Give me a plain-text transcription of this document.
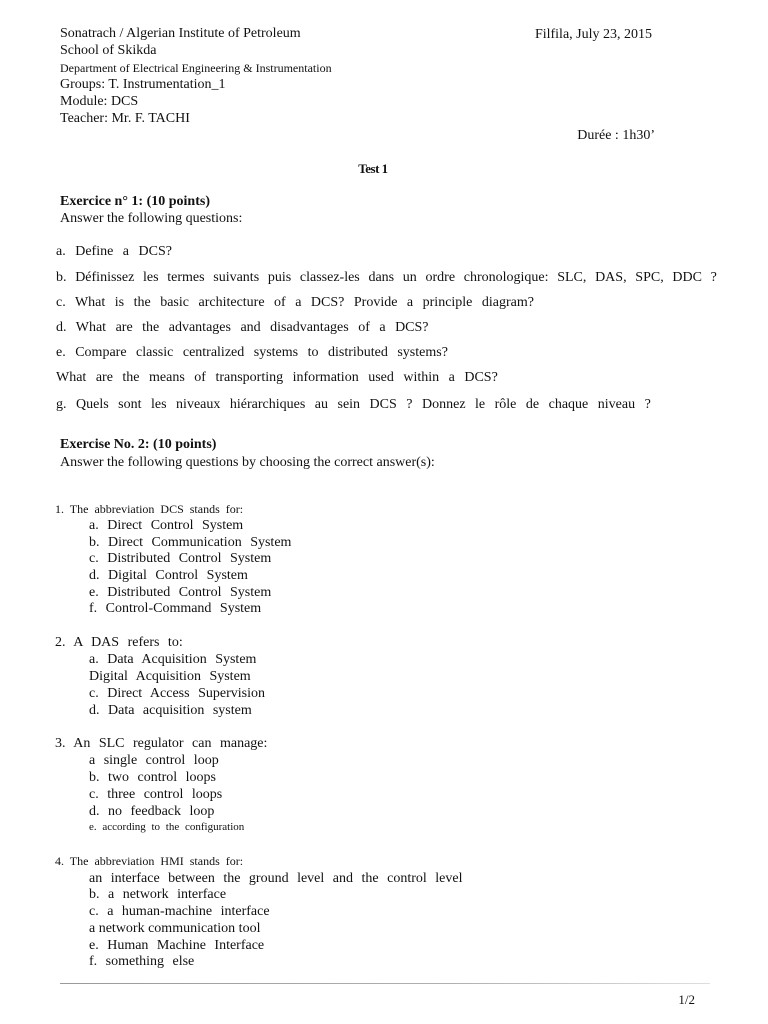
Sonatrach / Algerian Institute of Petroleum
School of Skikda
Department of Electrical Engineering & Instrumentation
Groups: T. Instrumentation_1
Module: DCS
Teacher: Mr. F. TACHI
Filfila, July 23, 2015
Durée : 1h30’
Test 1
Exercice n° 1: (10 points)
Answer the following questions:
a. Define a DCS?
b. Définissez les termes suivants puis classez-les dans un ordre chronologique: SLC, DAS, SPC, DDC ?
c. What is the basic architecture of a DCS? Provide a principle diagram?
d. What are the advantages and disadvantages of a DCS?
e. Compare classic centralized systems to distributed systems?
What are the means of transporting information used within a DCS?
g. Quels sont les niveaux hiérarchiques au sein DCS ? Donnez le rôle de chaque niveau ?
Exercise No. 2: (10 points)
Answer the following questions by choosing the correct answer(s):
1. The abbreviation DCS stands for:
a. Direct Control System
b. Direct Communication System
c. Distributed Control System
d. Digital Control System
e. Distributed Control System
f. Control-Command System
2. A DAS refers to:
a. Data Acquisition System
Digital Acquisition System
c. Direct Access Supervision
d. Data acquisition system
3. An SLC regulator can manage:
a single control loop
b. two control loops
c. three control loops
d. no feedback loop
e. according to the configuration
4. The abbreviation HMI stands for:
an interface between the ground level and the control level
b. a network interface
c. a human-machine interface
a network communication tool
e. Human Machine Interface
f. something else
1/2
